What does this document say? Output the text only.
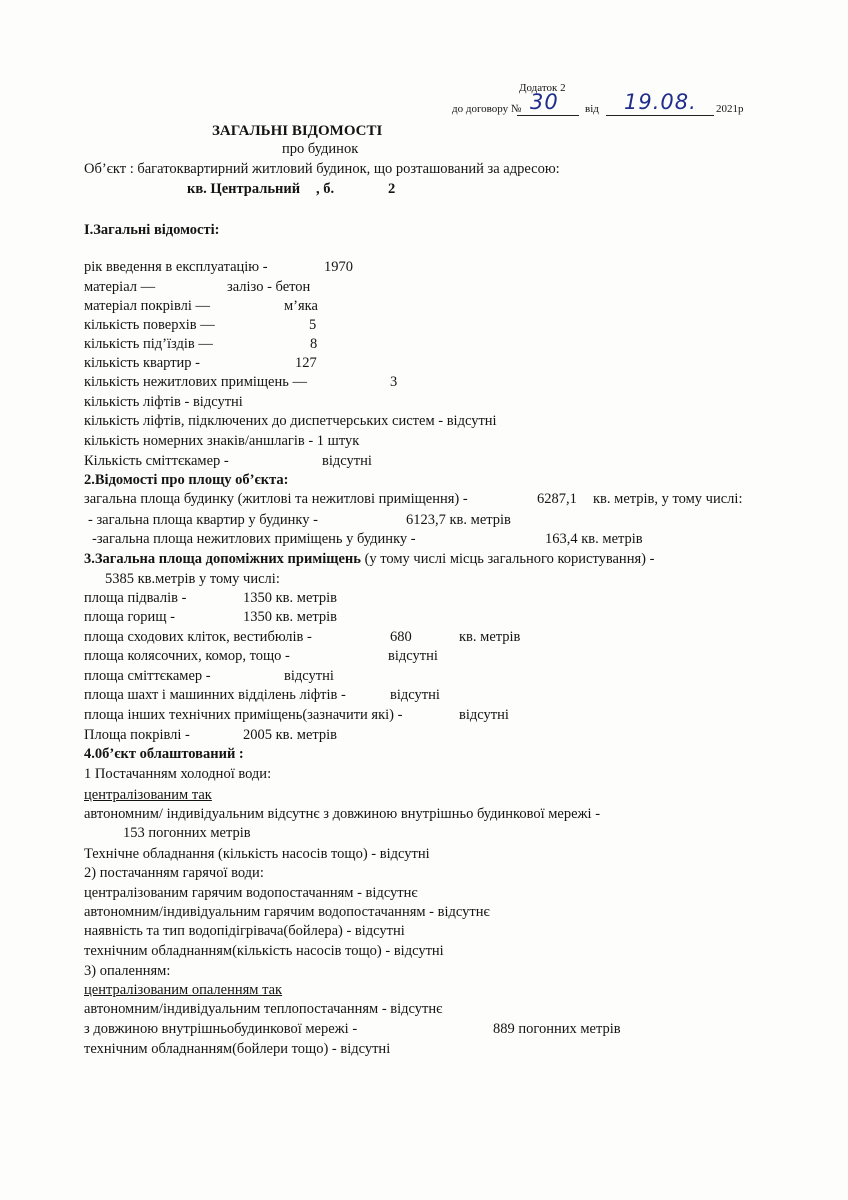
Додаток 2
до договору № 30 від 19.08. 2021р
ЗАГАЛЬНІ ВІДОМОСТІ
про будинок
Об’єкт : багатоквартирний житловий будинок, що розташований за адресою:
кв. Центральний , б.	2
І.Загальні відомості:
рік введення в експлуатацію -	1970
матеріал —	залізо - бетон
матеріал покрівлі —	м’яка
кількість поверхів —	5
кількість під’їздів —	8
кількість квартир -	127
кількість нежитлових приміщень —	3
кількість ліфтів - відсутні
кількість ліфтів, підключених до диспетчерських систем - відсутні
кількість номерних знаків/аншлагів - 1 штук
Кількість сміттєкамер -	відсутні
2.Відомості про площу об’єкта:
загальна площа будинку (житлові та нежитлові приміщення) -	6287,1 кв. метрів, у тому числі:
- загальна площа квартир у будинку -	6123,7 кв. метрів
-загальна площа нежитлових приміщень у будинку -	163,4 кв. метрів
3.Загальна площа допоміжних приміщень (у тому числі місць загального користування) -
5385 кв.метрів у тому числі:
площа підвалів -	1350 кв. метрів
площа горищ -	1350 кв. метрів
площа сходових кліток, вестибюлів -	680	кв. метрів
площа колясочних, комор, тощо -	відсутні
площа сміттєкамер -	відсутні
площа шахт і машинних відділень ліфтів -	відсутні
площа інших технічних приміщень(зазначити які) -	відсутні
Площа покрівлі -	2005 кв. метрів
4.0б’єкт облаштований :
1 Постачанням холодної води:
централізованим так
автономним/ індивідуальним відсутнє з довжиною внутрішньо будинкової мережі -
153 погонних метрів
Технічне обладнання (кількість насосів тощо) - відсутні
2) постачанням гарячої води:
централізованим гарячим водопостачанням - відсутнє
автономним/індивідуальним гарячим водопостачанням - відсутнє
наявність та тип водопідігрівача(бойлера) - відсутні
технічним обладнанням(кількість насосів тощо) - відсутні
3) опаленням:
централізованим опаленням так
автономним/індивідуальним теплопостачанням - відсутнє
з довжиною внутрішньобудинкової мережі -	889 погонних метрів
технічним обладнанням(бойлери тощо) - відсутні
